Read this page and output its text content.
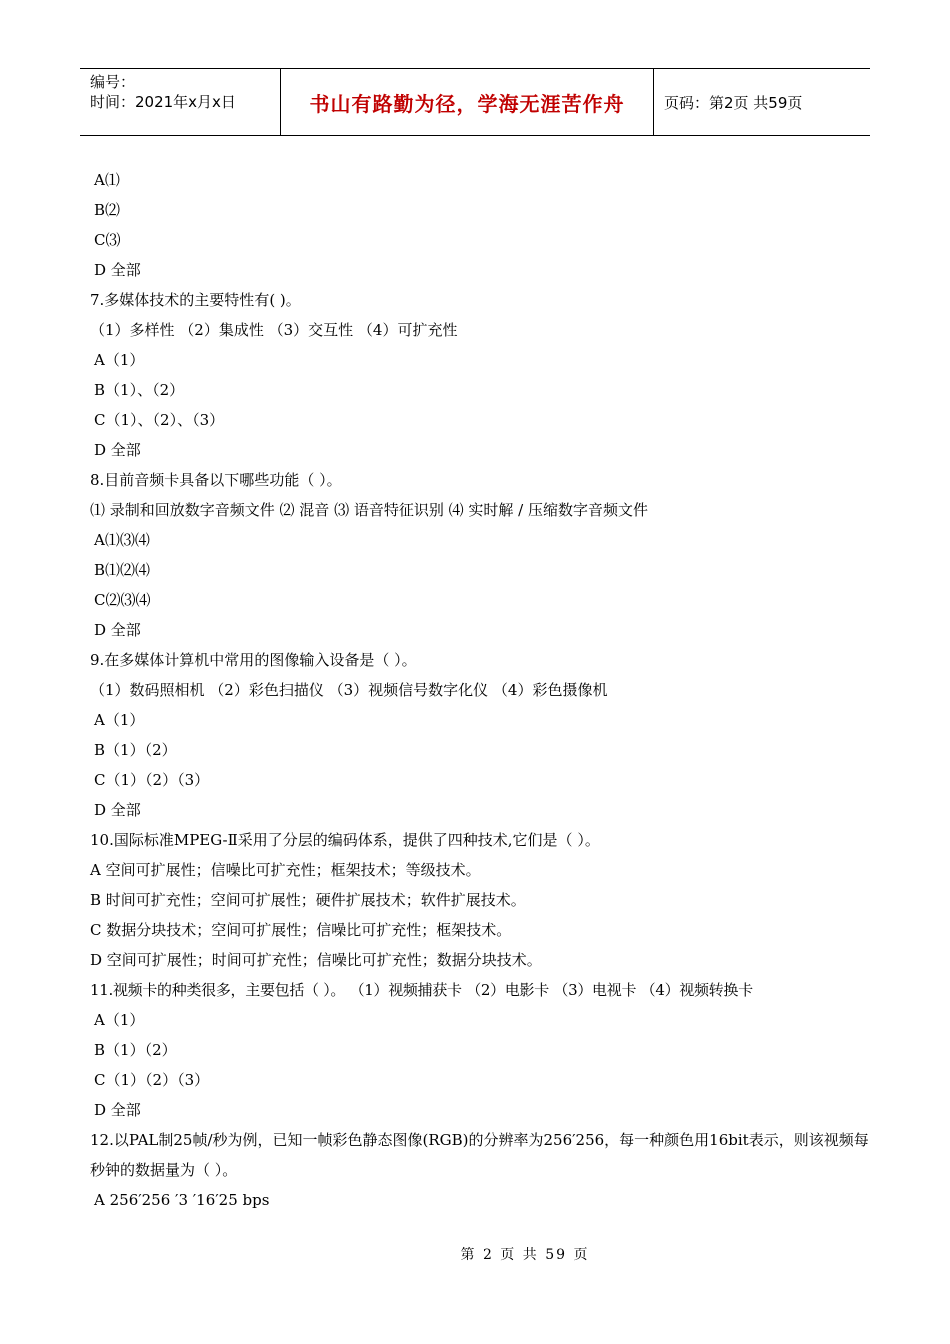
编号：
时间：2021年x月x日	书山有路勤为径，学海无涯苦作舟	页码：第2页 共59页
A⑴
B⑵
C⑶
D 全部
7.多媒体技术的主要特性有( )。
（1）多样性 （2）集成性 （3）交互性 （4）可扩充性
A（1）
B（1）、（2）
C（1）、（2）、（3）
D 全部
8.目前音频卡具备以下哪些功能（ ）。
⑴ 录制和回放数字音频文件 ⑵ 混音 ⑶ 语音特征识别 ⑷ 实时解 / 压缩数字音频文件
A⑴⑶⑷
B⑴⑵⑷
C⑵⑶⑷
D 全部
9.在多媒体计算机中常用的图像输入设备是（ ）。
（1）数码照相机 （2）彩色扫描仪 （3）视频信号数字化仪 （4）彩色摄像机
A（1）
B（1）（2）
C（1）（2）（3）
D 全部
10.国际标准MPEG-Ⅱ采用了分层的编码体系，提供了四种技术,它们是（ ）。
A 空间可扩展性；信噪比可扩充性；框架技术；等级技术。
B 时间可扩充性；空间可扩展性；硬件扩展技术；软件扩展技术。
C 数据分块技术；空间可扩展性；信噪比可扩充性；框架技术。
D 空间可扩展性；时间可扩充性；信噪比可扩充性；数据分块技术。
11.视频卡的种类很多，主要包括（ ）。 （1）视频捕获卡 （2）电影卡 （3）电视卡 （4）视频转换卡
A（1）
B（1）（2）
C（1）（2）（3）
D 全部
12.以PAL制25帧/秒为例，已知一帧彩色静态图像(RGB)的分辨率为256′256，每一种颜色用16bit表示，则该视频每秒钟的数据量为（ ）。
A 256′256 ′3 ′16′25 bps
第 2 页 共 59 页
